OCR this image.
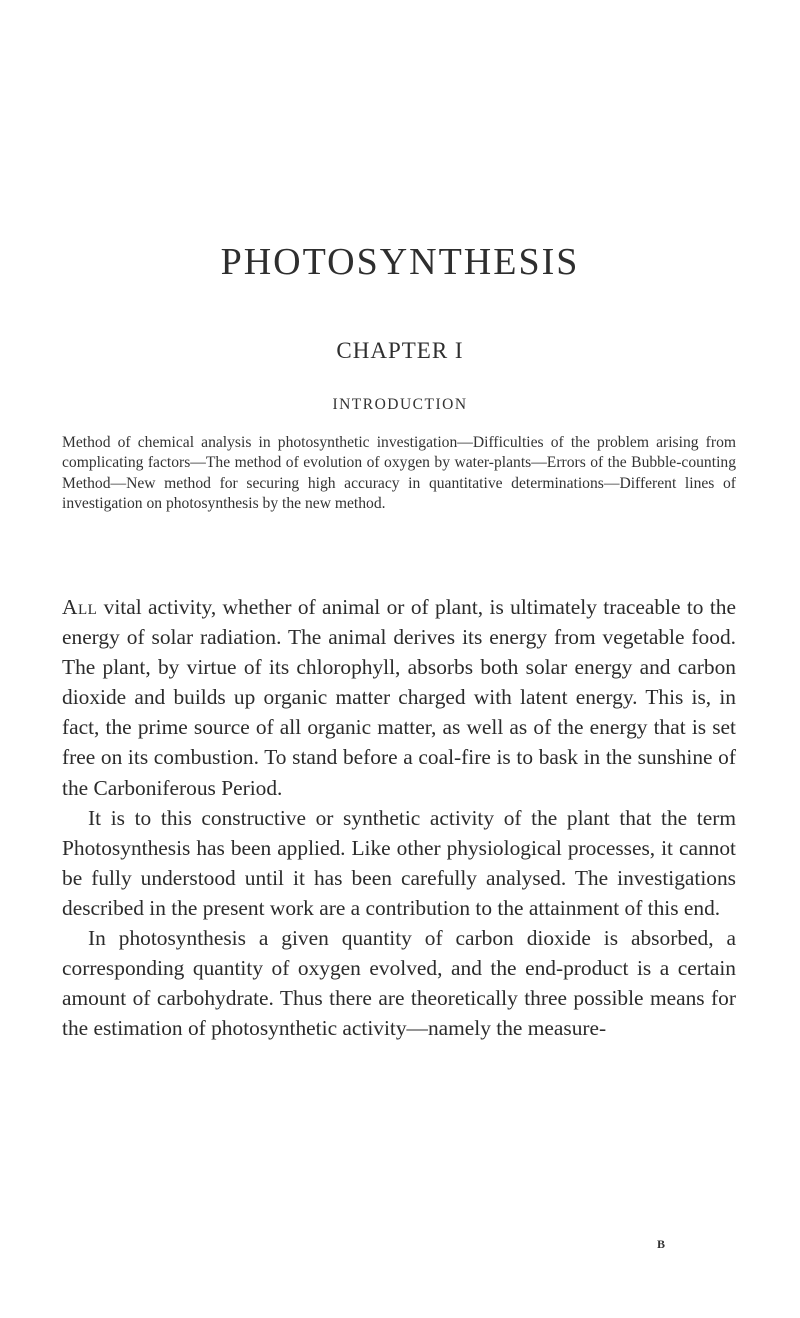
PHOTOSYNTHESIS
CHAPTER I
INTRODUCTION

Method of chemical analysis in photosynthetic investigation—Difficulties of the problem arising from complicating factors—The method of evolution of oxygen by water-plants—Errors of the Bubble-counting Method—New method for securing high accuracy in quantitative determinations—Different lines of investigation on photosynthesis by the new method.

All vital activity, whether of animal or of plant, is ultimately traceable to the energy of solar radiation. The animal derives its energy from vegetable food. The plant, by virtue of its chlorophyll, absorbs both solar energy and carbon dioxide and builds up organic matter charged with latent energy. This is, in fact, the prime source of all organic matter, as well as of the energy that is set free on its combustion. To stand before a coal-fire is to bask in the sunshine of the Carboniferous Period.

It is to this constructive or synthetic activity of the plant that the term Photosynthesis has been applied. Like other physiological processes, it cannot be fully understood until it has been carefully analysed. The investigations described in the present work are a contribution to the attainment of this end.

In photosynthesis a given quantity of carbon dioxide is absorbed, a corresponding quantity of oxygen evolved, and the end-product is a certain amount of carbohydrate. Thus there are theoretically three possible means for the estimation of photosynthetic activity—namely the measure-

B
